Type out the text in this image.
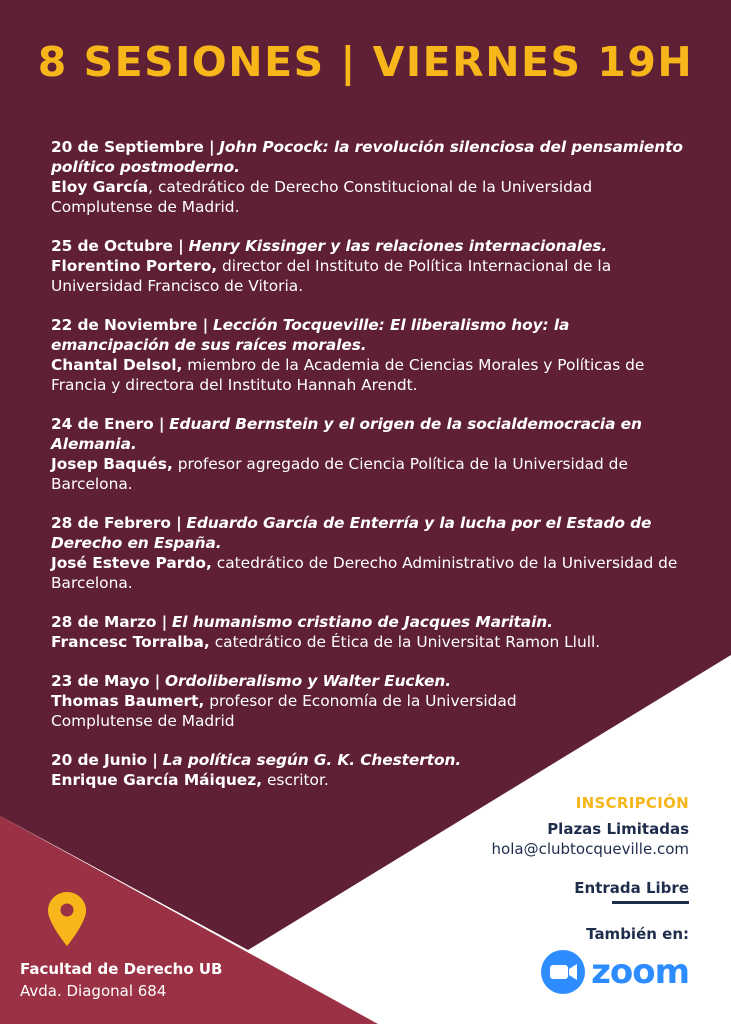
8 SESIONES | VIERNES 19H
20 de Septiembre | John Pocock: la revolución silenciosa del pensamiento político postmoderno.
Eloy García, catedrático de Derecho Constitucional de la Universidad Complutense de Madrid.
25 de Octubre | Henry Kissinger y las relaciones internacionales.
Florentino Portero, director del Instituto de Política Internacional de la Universidad Francisco de Vitoria.
22 de Noviembre | Lección Tocqueville: El liberalismo hoy: la emancipación de sus raíces morales.
Chantal Delsol, miembro de la Academia de Ciencias Morales y Políticas de Francia y directora del Instituto Hannah Arendt.
24 de Enero | Eduard Bernstein y el origen de la socialdemocracia en Alemania.
Josep Baqués, profesor agregado de Ciencia Política de la Universidad de Barcelona.
28 de Febrero | Eduardo García de Enterría y la lucha por el Estado de Derecho en España.
José Esteve Pardo, catedrático de Derecho Administrativo de la Universidad de Barcelona.
28 de Marzo | El humanismo cristiano de Jacques Maritain.
Francesc Torralba, catedrático de Ética de la Universitat Ramon Llull.
23 de Mayo | Ordoliberalismo y Walter Eucken.
Thomas Baumert, profesor de Economía de la Universidad Complutense de Madrid
20 de Junio | La política según G. K. Chesterton.
Enrique García Máiquez, escritor.
INSCRIPCIÓN
Plazas Limitadas
hola@clubtocqueville.com
Entrada Libre
También en:
zoom
Facultad de Derecho UB
Avda. Diagonal 684
